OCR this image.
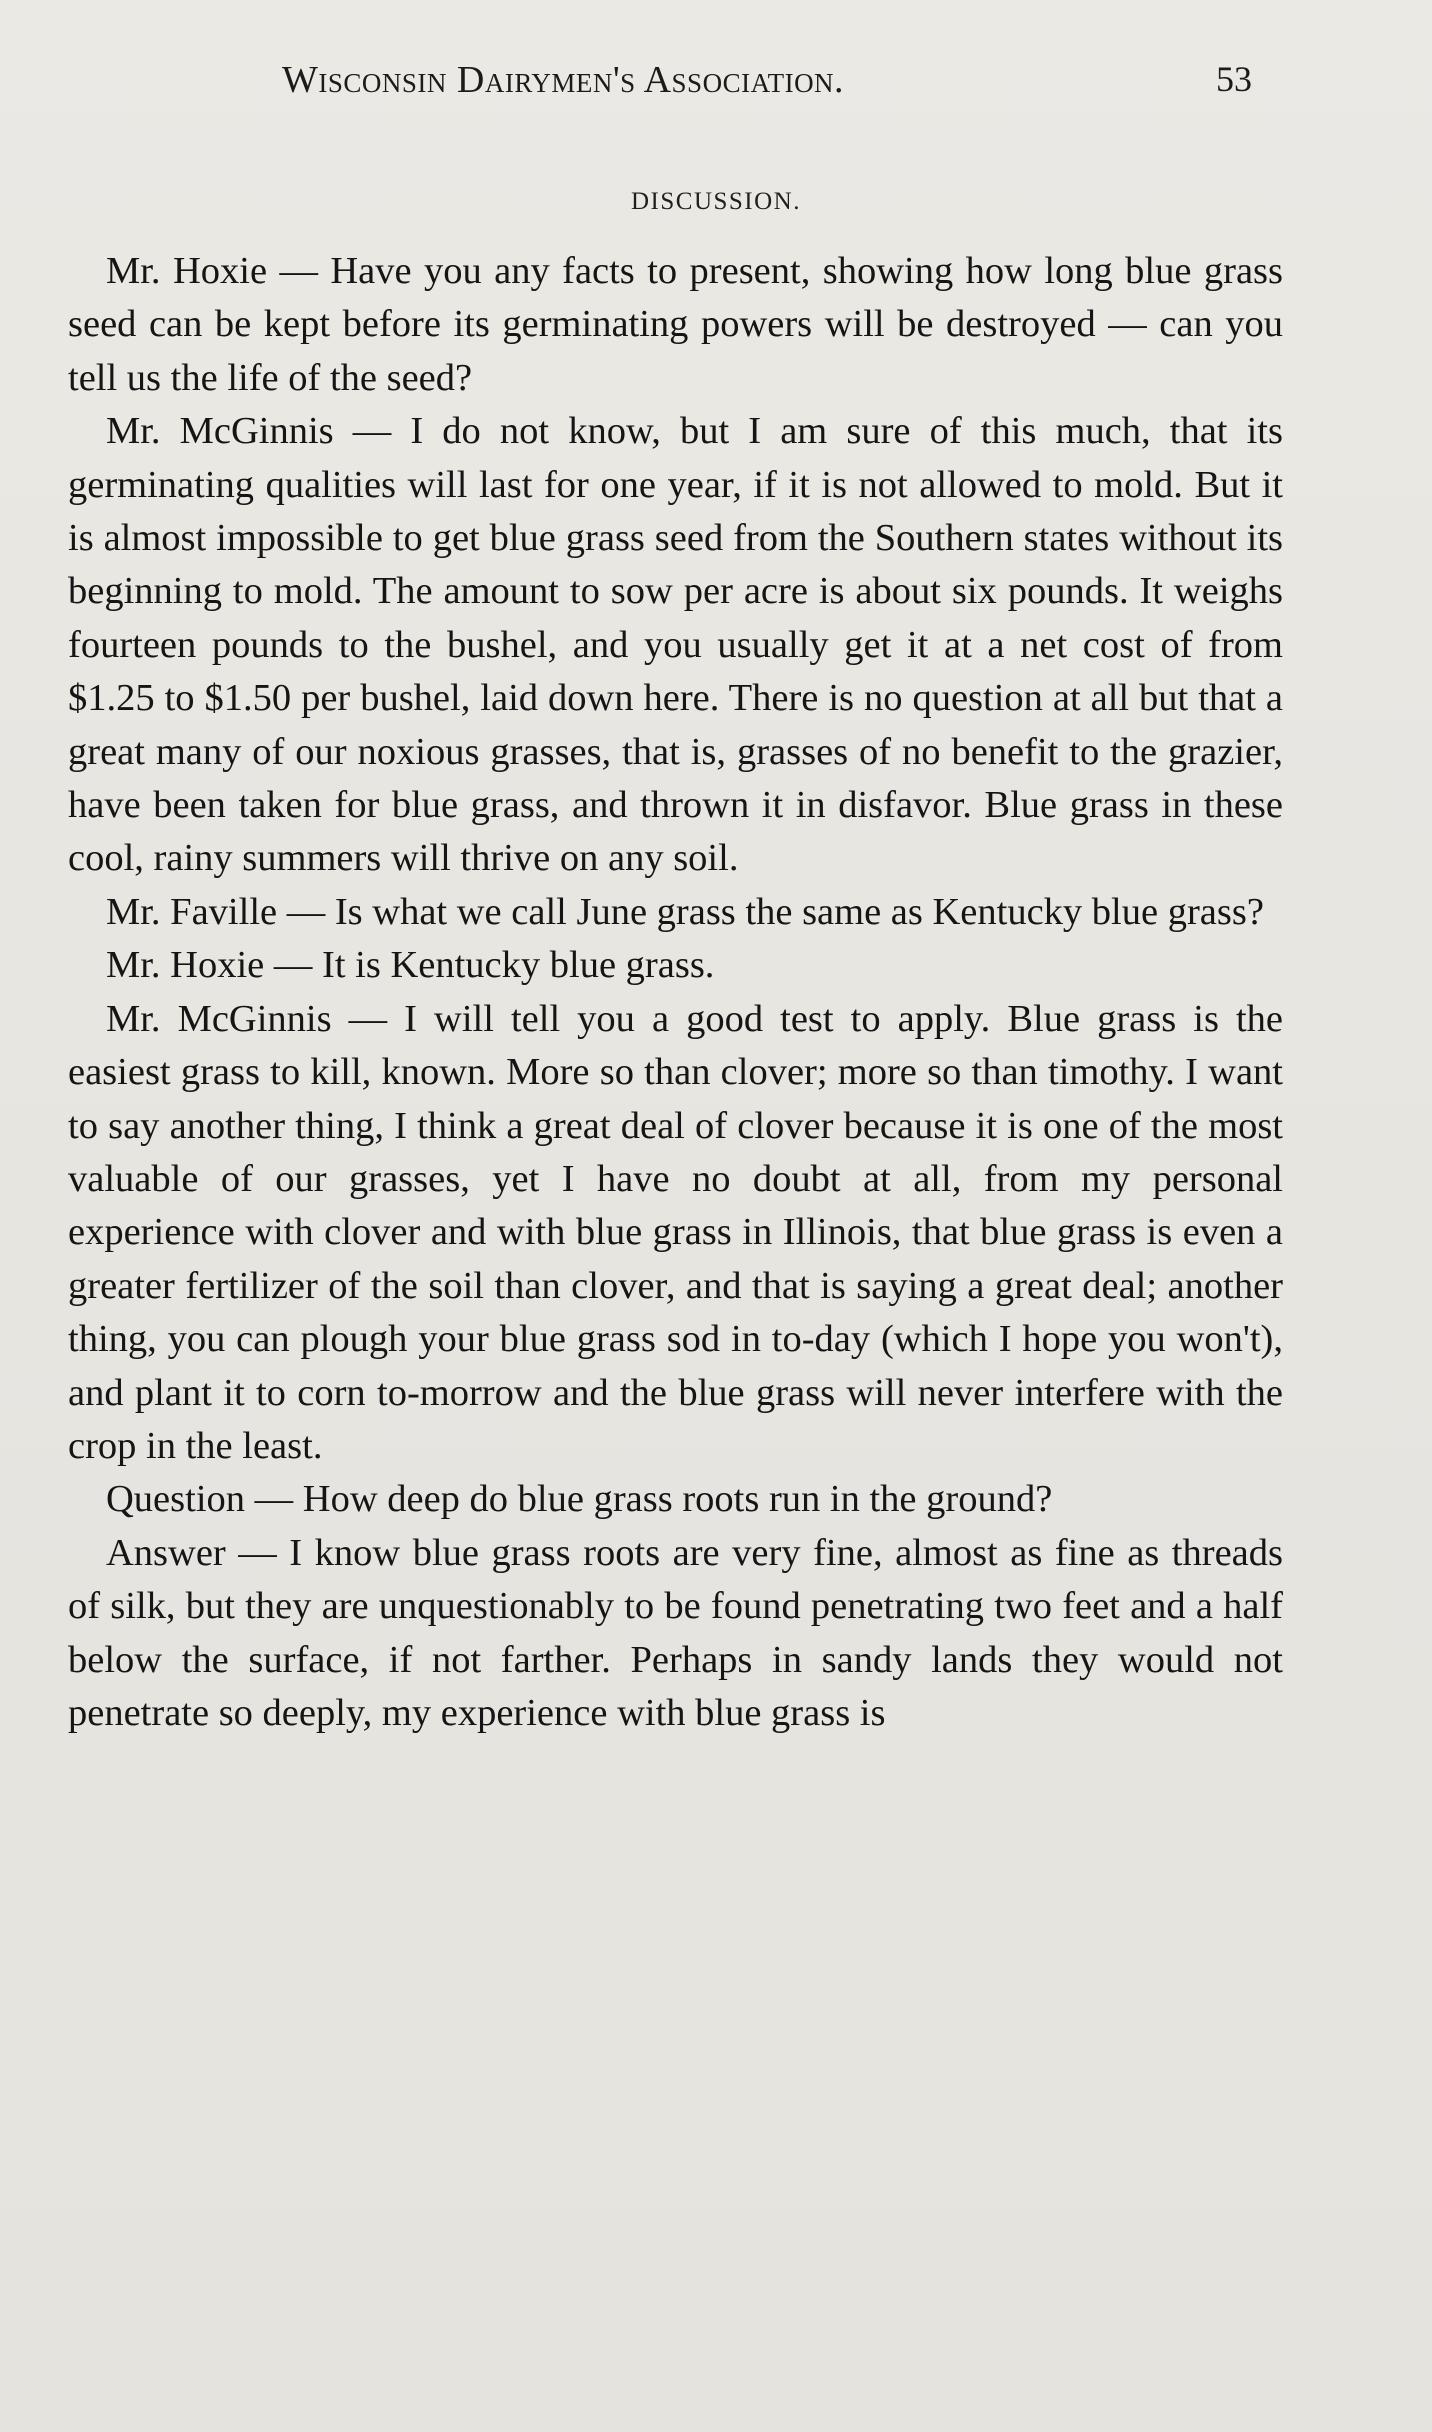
Wisconsin Dairymen's Association.	53
DISCUSSION.

Mr. Hoxie — Have you any facts to present, showing how long blue grass seed can be kept before its germinating powers will be destroyed — can you tell us the life of the seed?

Mr. McGinnis — I do not know, but I am sure of this much, that its germinating qualities will last for one year, if it is not allowed to mold. But it is almost impossible to get blue grass seed from the Southern states without its beginning to mold. The amount to sow per acre is about six pounds. It weighs fourteen pounds to the bushel, and you usually get it at a net cost of from $1.25 to $1.50 per bushel, laid down here. There is no question at all but that a great many of our noxious grasses, that is, grasses of no benefit to the grazier, have been taken for blue grass, and thrown it in disfavor. Blue grass in these cool, rainy summers will thrive on any soil.

Mr. Faville — Is what we call June grass the same as Kentucky blue grass?

Mr. Hoxie — It is Kentucky blue grass.

Mr. McGinnis — I will tell you a good test to apply. Blue grass is the easiest grass to kill, known. More so than clover; more so than timothy. I want to say another thing, I think a great deal of clover because it is one of the most valuable of our grasses, yet I have no doubt at all, from my personal experience with clover and with blue grass in Illinois, that blue grass is even a greater fertilizer of the soil than clover, and that is saying a great deal; another thing, you can plough your blue grass sod in to-day (which I hope you won't), and plant it to corn to-morrow and the blue grass will never interfere with the crop in the least.

Question — How deep do blue grass roots run in the ground?

Answer — I know blue grass roots are very fine, almost as fine as threads of silk, but they are unquestionably to be found penetrating two feet and a half below the surface, if not farther. Perhaps in sandy lands they would not penetrate so deeply, my experience with blue grass is
